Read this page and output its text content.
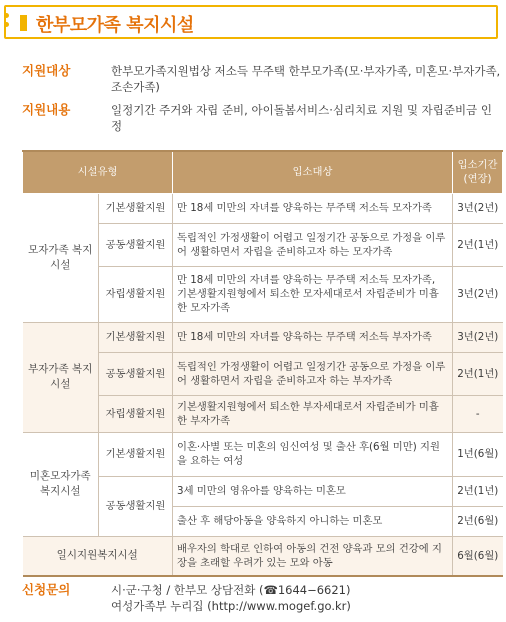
한부모가족 복지시설
지원대상	한부모가족지원법상 저소득 무주택 한부모가족(모·부자가족, 미혼모·부자가족, 조손가족)
지원내용	일정기간 주거와 자립 준비, 아이돌봄서비스·심리치료 지원 및 자립준비금 인정
시설유형		입소대상	입소기간
(연장)
모자가족 복지시설	기본생활지원	만 18세 미만의 자녀를 양육하는 무주택 저소득 모자가족	3년(2년)
	공동생활지원	독립적인 가정생활이 어렵고 일정기간 공동으로 가정을 이루어 생활하면서 자립을 준비하고자 하는 모자가족	2년(1년)
	자립생활지원	만 18세 미만의 자녀를 양육하는 무주택 저소득 모자가족, 기본생활지원형에서 퇴소한 모자세대로서 자립준비가 미흡한 모자가족	3년(2년)
부자가족 복지시설	기본생활지원	만 18세 미만의 자녀를 양육하는 무주택 저소득 부자가족	3년(2년)
	공동생활지원	독립적인 가정생활이 어렵고 일정기간 공동으로 가정을 이루어 생활하면서 자립을 준비하고자 하는 부자가족	2년(1년)
	자립생활지원	기본생활지원형에서 퇴소한 부자세대로서 자립준비가 미흡한 부자가족	-
미혼모자가족 복지시설	기본생활지원	이혼·사별 또는 미혼의 임신여성 및 출산 후(6월 미만) 지원을 요하는 여성	1년(6월)
	공동생활지원	3세 미만의 영유아를 양육하는 미혼모	2년(1년)
		출산 후 해당아동을 양육하지 아니하는 미혼모	2년(6월)
일시지원복지시설		배우자의 학대로 인하여 아동의 건전 양육과 모의 건강에 지장을 초래할 우려가 있는 모와 아동	6월(6월)
신청문의	시·군·구청 / 한부모 상담전화 (☎1644−6621)
여성가족부 누리집 (http://www.mogef.go.kr)
